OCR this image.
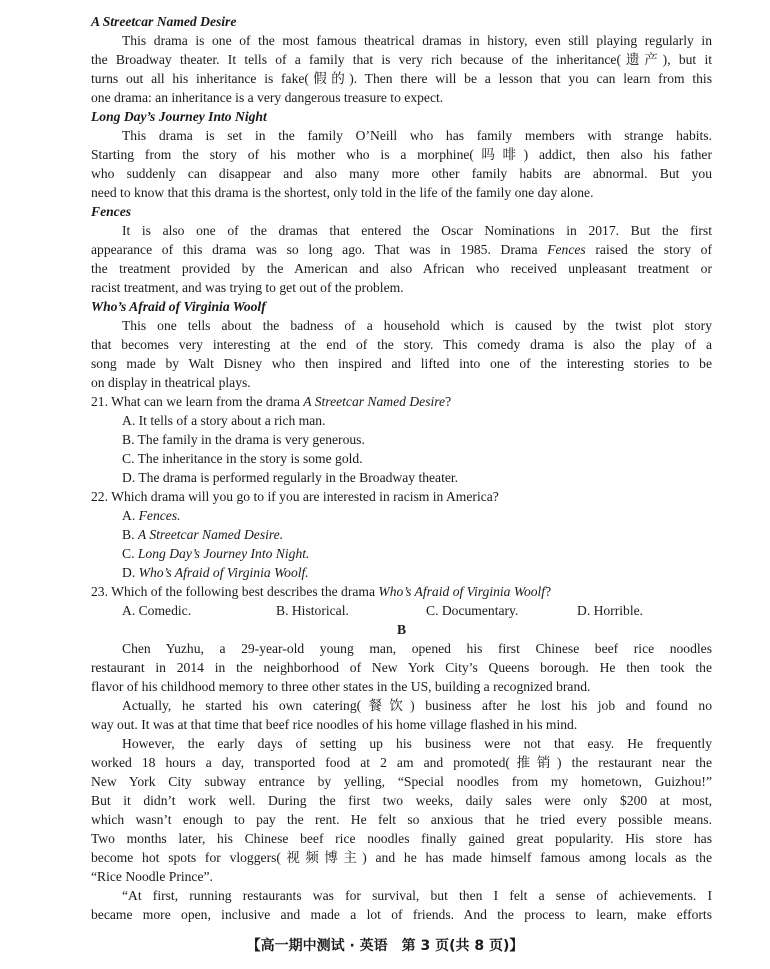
A Streetcar Named Desire
This drama is one of the most famous theatrical dramas in history, even still playing regularly in
the Broadway theater. It tells of a family that is very rich because of the inheritance(遗产), but it
turns out all his inheritance is fake(假的). Then there will be a lesson that you can learn from this
one drama: an inheritance is a very dangerous treasure to expect.
Long Day’s Journey Into Night
This drama is set in the family O’Neill who has family members with strange habits.
Starting from the story of his mother who is a morphine(吗啡) addict, then also his father
who suddenly can disappear and also many more other family habits are abnormal. But you
need to know that this drama is the shortest, only told in the life of the family one day alone.
Fences
It is also one of the dramas that entered the Oscar Nominations in 2017. But the first
appearance of this drama was so long ago. That was in 1985. Drama Fences raised the story of
the treatment provided by the American and also African who received unpleasant treatment or
racist treatment, and was trying to get out of the problem.
Who’s Afraid of Virginia Woolf
This one tells about the badness of a household which is caused by the twist plot story
that becomes very interesting at the end of the story. This comedy drama is also the play of a
song made by Walt Disney who then inspired and lifted into one of the interesting stories to be
on display in theatrical plays.
21. What can we learn from the drama A Streetcar Named Desire?
A. It tells of a story about a rich man.
B. The family in the drama is very generous.
C. The inheritance in the story is some gold.
D. The drama is performed regularly in the Broadway theater.
22. Which drama will you go to if you are interested in racism in America?
A. Fences.
B. A Streetcar Named Desire.
C. Long Day’s Journey Into Night.
D. Who’s Afraid of Virginia Woolf.
23. Which of the following best describes the drama Who’s Afraid of Virginia Woolf?
A. Comedic.	B. Historical.	C. Documentary.	D. Horrible.
B
Chen Yuzhu, a 29-year-old young man, opened his first Chinese beef rice noodles
restaurant in 2014 in the neighborhood of New York City’s Queens borough. He then took the
flavor of his childhood memory to three other states in the US, building a recognized brand.
Actually, he started his own catering(餐饮) business after he lost his job and found no
way out. It was at that time that beef rice noodles of his home village flashed in his mind.
However, the early days of setting up his business were not that easy. He frequently
worked 18 hours a day, transported food at 2 am and promoted(推销) the restaurant near the
New York City subway entrance by yelling, “Special noodles from my hometown, Guizhou!”
But it didn’t work well. During the first two weeks, daily sales were only $200 at most,
which wasn’t enough to pay the rent. He felt so anxious that he tried every possible means.
Two months later, his Chinese beef rice noodles finally gained great popularity. His store has
become hot spots for vloggers(视频博主) and he has made himself famous among locals as the
“Rice Noodle Prince”.
“At first, running restaurants was for survival, but then I felt a sense of achievements. I
became more open, inclusive and made a lot of friends. And the process to learn, make efforts
【高一期中测试 · 英语　第 3 页(共 8 页)】
